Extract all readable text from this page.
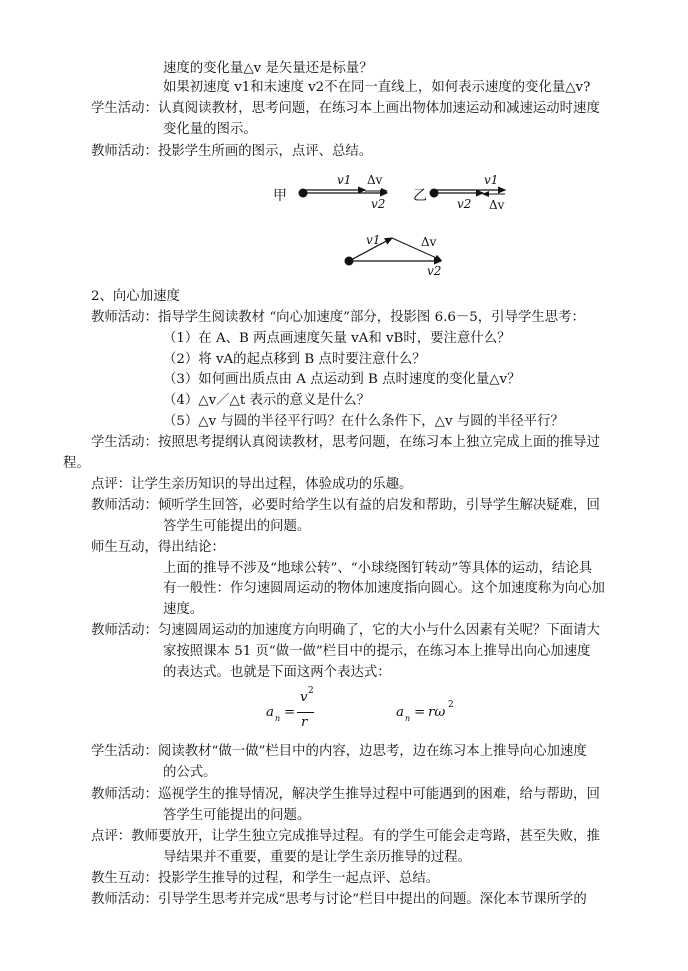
速度的变化量△v 是矢量还是标量？
如果初速度 v1和末速度 v2不在同一直线上，如何表示速度的变化量△v?
学生活动：认真阅读教材，思考问题，在练习本上画出物体加速运动和减速运动时速度
变化量的图示。
教师活动：投影学生所画的图示，点评、总结。
甲
v1 Δv
v2 乙
v1
v2 Δv
v1	Δv
v2
2、向心加速度
教师活动：指导学生阅读教材 “向心加速度”部分，投影图 6.6－5，引导学生思考：
（1）在 A、B 两点画速度矢量 vA和 vB时，要注意什么？
（2）将 vA的起点移到 B 点时要注意什么？
（3）如何画出质点由 A 点运动到 B 点时速度的变化量△v？
（4）△v／△t 表示的意义是什么？
（5）△v 与圆的半径平行吗？在什么条件下，△v 与圆的半径平行？
学生活动：按照思考提纲认真阅读教材，思考问题，在练习本上独立完成上面的推导过
程。
点评：让学生亲历知识的导出过程，体验成功的乐趣。
教师活动：倾听学生回答，必要时给学生以有益的启发和帮助，引导学生解决疑难，回
答学生可能提出的问题。
师生互动，得出结论：
上面的推导不涉及“地球公转”、“小球绕图钉转动”等具体的运动，结论具
有一般性：作匀速圆周运动的物体加速度指向圆心。这个加速度称为向心加
速度。
教师活动：匀速圆周运动的加速度方向明确了，它的大小与什么因素有关呢？下面请大
家按照课本 51 页“做一做”栏目中的提示，在练习本上推导出向心加速度
的表达式。也就是下面这两个表达式：
a n =
v 2
r
a n = rω 2
学生活动：阅读教材“做一做”栏目中的内容，边思考，边在练习本上推导向心加速度
的公式。
教师活动：巡视学生的推导情况，解决学生推导过程中可能遇到的困难，给与帮助，回
答学生可能提出的问题。
点评：教师要放开，让学生独立完成推导过程。有的学生可能会走弯路，甚至失败，推
导结果并不重要，重要的是让学生亲历推导的过程。
教生互动：投影学生推导的过程，和学生一起点评、总结。
教师活动：引导学生思考并完成“思考与讨论”栏目中提出的问题。深化本节课所学的
